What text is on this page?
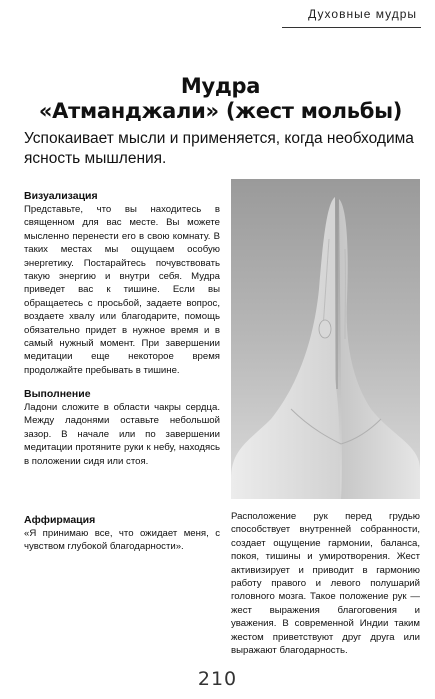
Духовные мудры
Мудра
«Атманджали» (жест мольбы)
Успокаивает мысли и применяется, когда необходима ясность мышления.
Визуализация
Представьте, что вы находитесь в священном для вас месте. Вы можете мысленно перенести его в свою комнату. В таких местах мы ощущаем особую энергетику. Постарайтесь почувствовать такую энергию и внутри себя. Мудра приведет вас к тишине. Если вы обращаетесь с просьбой, задаете вопрос, воздаете хвалу или благодарите, помощь обязательно придет в нужное время и в самый нужный момент. При завершении медитации еще некоторое время продолжайте пребывать в тишине.
Выполнение
Ладони сложите в области чакры сердца. Между ладонями оставьте небольшой зазор. В начале или по завершении медитации протяните руки к небу, находясь в положении сидя или стоя.
Аффирмация
«Я принимаю все, что ожидает меня, с чувством глубокой благодарности».
Расположение рук перед грудью способствует внутренней собранности, создает ощущение гармонии, баланса, покоя, тишины и умиротворения. Жест активизирует и приводит в гармонию работу правого и левого полушарий головного мозга. Такое положение рук — жест выражения благоговения и уважения. В современной Индии таким жестом приветствуют друг друга или выражают благодарность.
210
